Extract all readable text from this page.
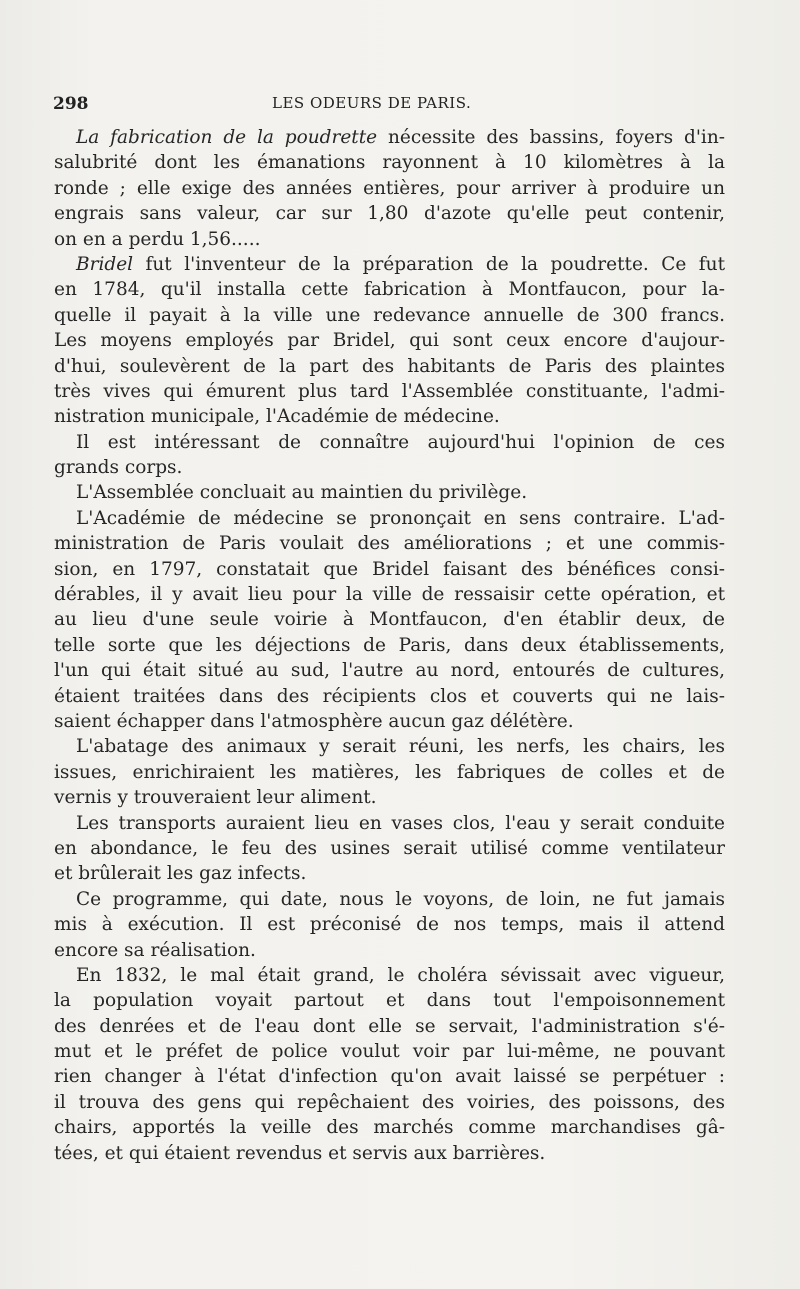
298	LES ODEURS DE PARIS.
La fabrication de la poudrette nécessite des bassins, foyers d'in-
salubrité dont les émanations rayonnent à 10 kilomètres à la
ronde ; elle exige des années entières, pour arriver à produire un
engrais sans valeur, car sur 1,80 d'azote qu'elle peut contenir,
on en a perdu 1,56.....
Bridel fut l'inventeur de la préparation de la poudrette. Ce fut
en 1784, qu'il installa cette fabrication à Montfaucon, pour la-
quelle il payait à la ville une redevance annuelle de 300 francs.
Les moyens employés par Bridel, qui sont ceux encore d'aujour-
d'hui, soulevèrent de la part des habitants de Paris des plaintes
très vives qui émurent plus tard l'Assemblée constituante, l'admi-
nistration municipale, l'Académie de médecine.
Il est intéressant de connaître aujourd'hui l'opinion de ces
grands corps.
L'Assemblée concluait au maintien du privilège.
L'Académie de médecine se prononçait en sens contraire. L'ad-
ministration de Paris voulait des améliorations ; et une commis-
sion, en 1797, constatait que Bridel faisant des bénéfices consi-
dérables, il y avait lieu pour la ville de ressaisir cette opération, et
au lieu d'une seule voirie à Montfaucon, d'en établir deux, de
telle sorte que les déjections de Paris, dans deux établissements,
l'un qui était situé au sud, l'autre au nord, entourés de cultures,
étaient traitées dans des récipients clos et couverts qui ne lais-
saient échapper dans l'atmosphère aucun gaz délétère.
L'abatage des animaux y serait réuni, les nerfs, les chairs, les
issues, enrichiraient les matières, les fabriques de colles et de
vernis y trouveraient leur aliment.
Les transports auraient lieu en vases clos, l'eau y serait conduite
en abondance, le feu des usines serait utilisé comme ventilateur
et brûlerait les gaz infects.
Ce programme, qui date, nous le voyons, de loin, ne fut jamais
mis à exécution. Il est préconisé de nos temps, mais il attend
encore sa réalisation.
En 1832, le mal était grand, le choléra sévissait avec vigueur,
la population voyait partout et dans tout l'empoisonnement
des denrées et de l'eau dont elle se servait, l'administration s'é-
mut et le préfet de police voulut voir par lui-même, ne pouvant
rien changer à l'état d'infection qu'on avait laissé se perpétuer :
il trouva des gens qui repêchaient des voiries, des poissons, des
chairs, apportés la veille des marchés comme marchandises gâ-
tées, et qui étaient revendus et servis aux barrières.
